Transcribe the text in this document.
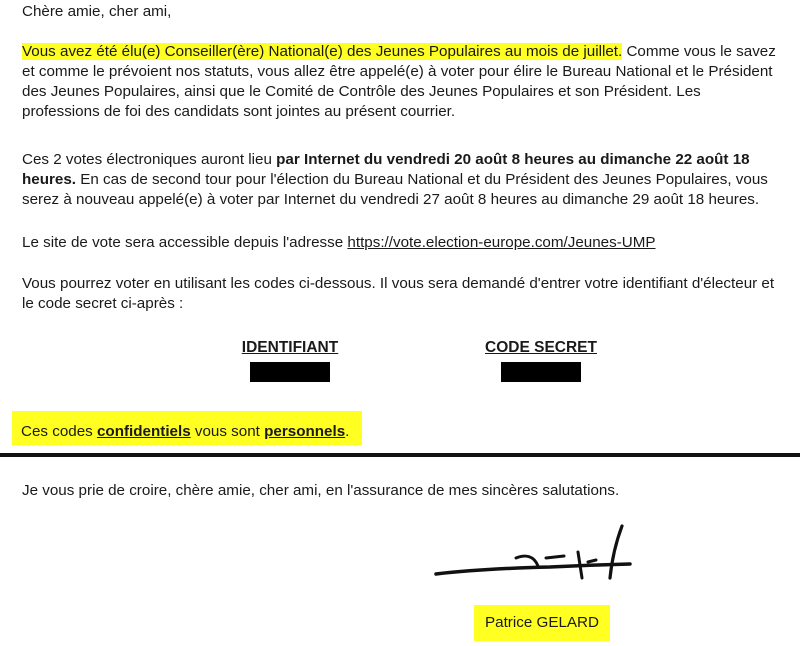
Chère amie, cher ami,

Vous avez été élu(e) Conseiller(ère) National(e) des Jeunes Populaires au mois de juillet. Comme vous le savez et comme le prévoient nos statuts, vous allez être appelé(e) à voter pour élire le Bureau National et le Président des Jeunes Populaires, ainsi que le Comité de Contrôle des Jeunes Populaires et son Président. Les professions de foi des candidats sont jointes au présent courrier.

Ces 2 votes électroniques auront lieu par Internet du vendredi 20 août 8 heures au dimanche 22 août 18 heures. En cas de second tour pour l'élection du Bureau National et du Président des Jeunes Populaires, vous serez à nouveau appelé(e) à voter par Internet du vendredi 27 août 8 heures au dimanche 29 août 18 heures.

Le site de vote sera accessible depuis l'adresse https://vote.election-europe.com/Jeunes-UMP

Vous pourrez voter en utilisant les codes ci-dessous. Il vous sera demandé d'entrer votre identifiant d'électeur et le code secret ci-après :

IDENTIFIANT	CODE SECRET
Ces codes confidentiels vous sont personnels.

Je vous prie de croire, chère amie, cher ami, en l'assurance de mes sincères salutations.

Patrice GELARD
